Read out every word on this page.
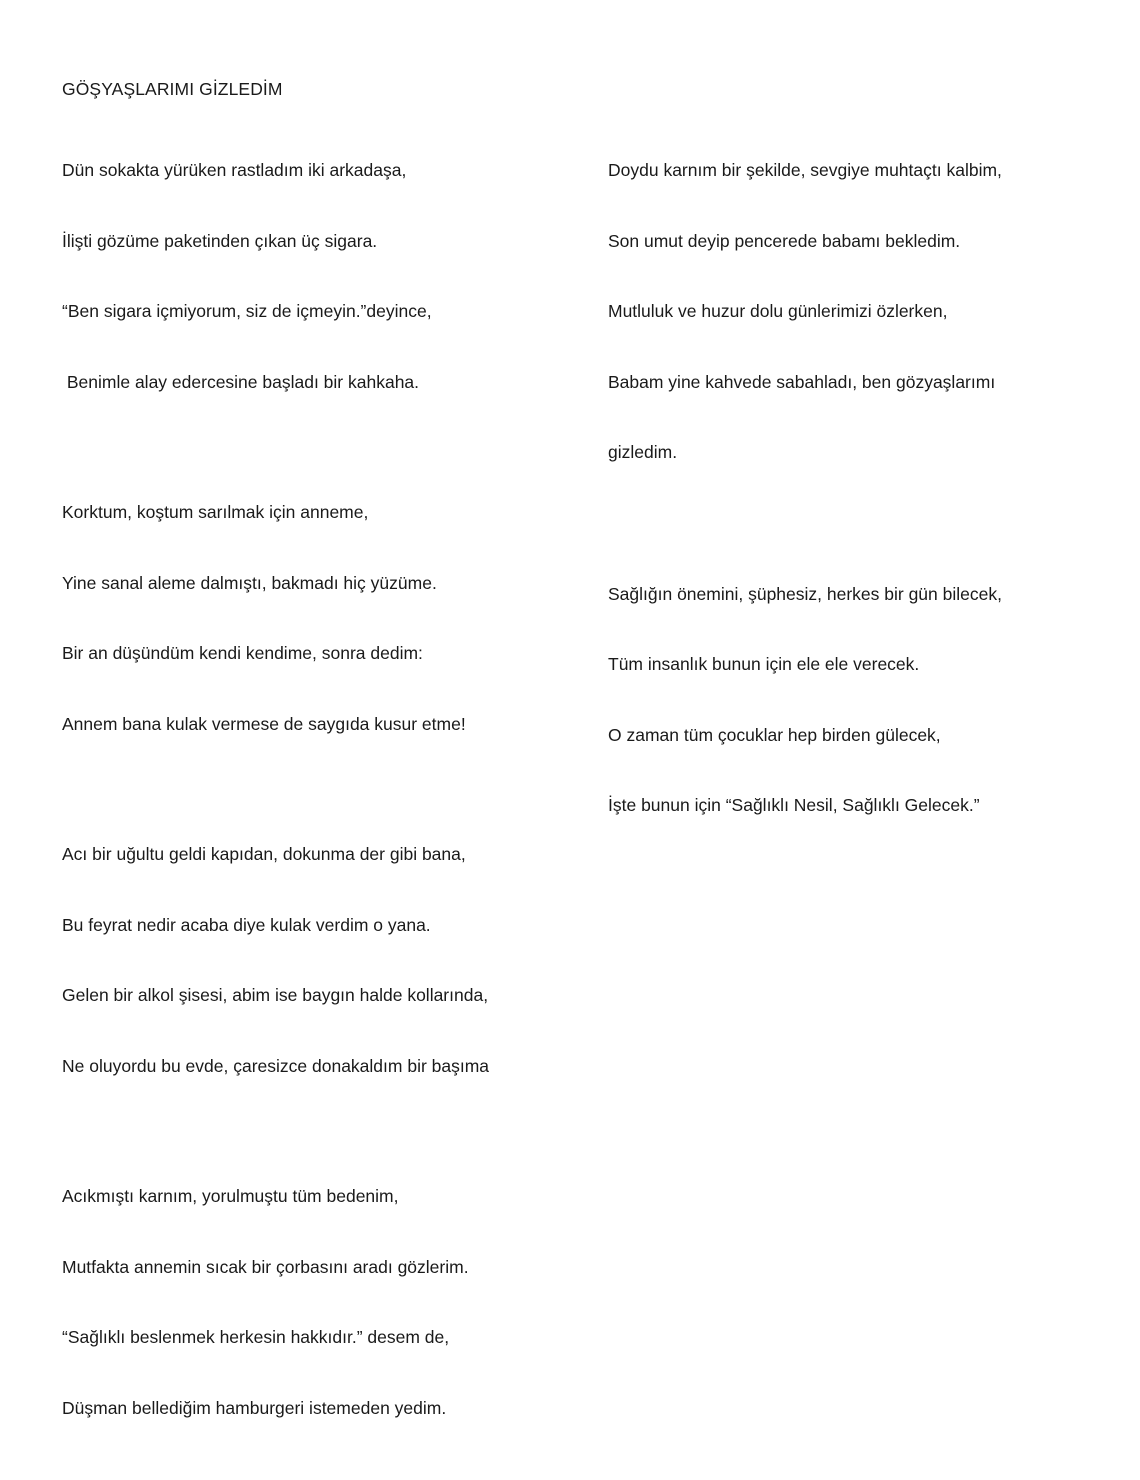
GÖŞYAŞLARIMI GİZLEDİM

Dün sokakta yürüken rastladım iki arkadaşa,

İlişti gözüme paketinden çıkan üç sigara.

“Ben sigara içmiyorum, siz de içmeyin.”deyince,

Benimle alay edercesine başladı bir kahkaha.

Korktum, koştum sarılmak için anneme,

Yine sanal aleme dalmıştı, bakmadı hiç yüzüme.

Bir an düşündüm kendi kendime, sonra dedim:

Annem bana kulak vermese de saygıda kusur etme!

Acı bir uğultu geldi kapıdan, dokunma der gibi bana,

Bu feyrat nedir acaba diye kulak verdim o yana.

Gelen bir alkol şisesi, abim ise baygın halde kollarında,

Ne oluyordu bu evde, çaresizce donakaldım bir başıma

Acıkmıştı karnım, yorulmuştu tüm bedenim,

Mutfakta annemin sıcak bir çorbasını aradı gözlerim.

“Sağlıklı beslenmek herkesin hakkıdır.” desem de,

Düşman bellediğim hamburgeri istemeden yedim.

Doydu karnım bir şekilde, sevgiye muhtaçtı kalbim,

Son umut deyip pencerede babamı bekledim.

Mutluluk ve huzur dolu günlerimizi özlerken,

Babam yine kahvede sabahladı, ben gözyaşlarımı

gizledim.

Sağlığın önemini, şüphesiz, herkes bir gün bilecek,

Tüm insanlık bunun için ele ele verecek.

O zaman tüm çocuklar hep birden gülecek,

İşte bunun için “Sağlıklı Nesil, Sağlıklı Gelecek.”
